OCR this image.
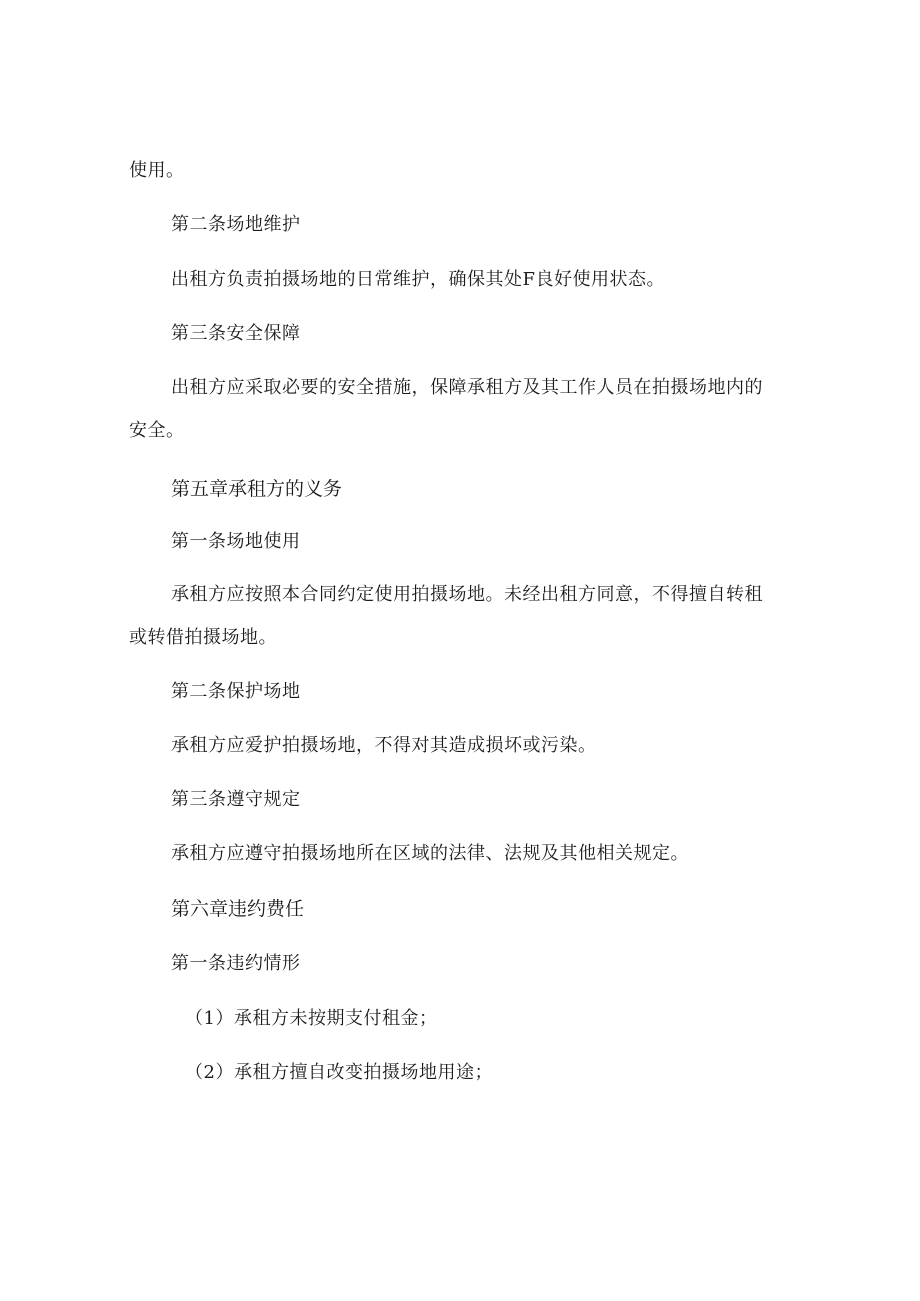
使用。
第二条场地维护
出租方负责拍摄场地的日常维护，确保其处F良好使用状态。
第三条安全保障
出租方应采取必要的安全措施，保障承租方及其工作人员在拍摄场地内的
安全。
第五章承租方的义务
第一条场地使用
承租方应按照本合同约定使用拍摄场地。未经出租方同意，不得擅自转租
或转借拍摄场地。
第二条保护场地
承租方应爱护拍摄场地，不得对其造成损坏或污染。
第三条遵守规定
承租方应遵守拍摄场地所在区域的法律、法规及其他相关规定。
第六章违约费任
第一条违约情形
（1）承租方未按期支付租金；
（2）承租方擅自改变拍摄场地用途；
